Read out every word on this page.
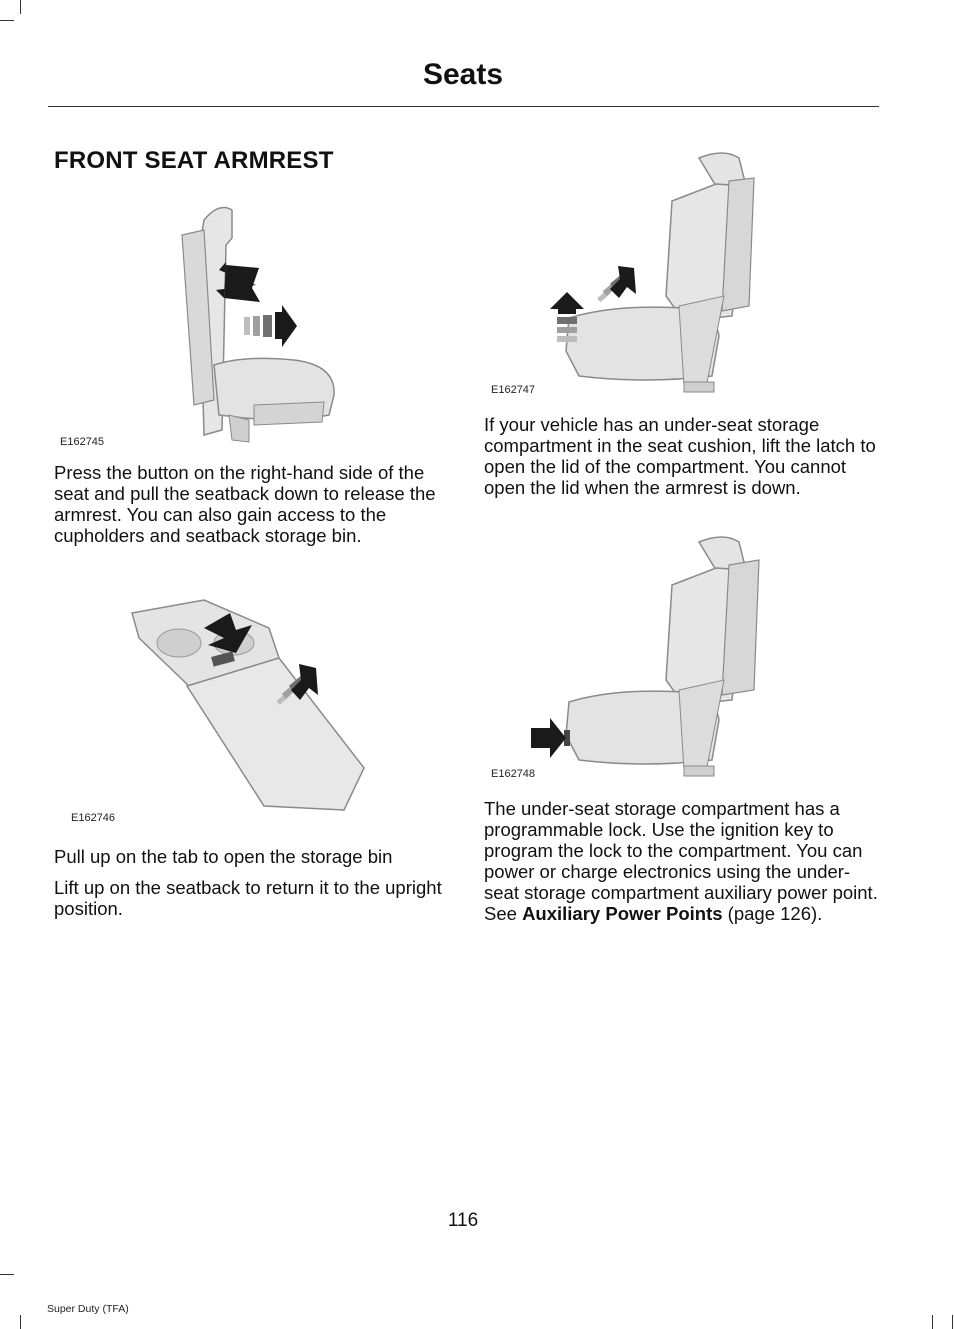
Seats
FRONT SEAT ARMREST
E162745

Press the button on the right-hand side of the seat and pull the seatback down to release the armrest. You can also gain access to the cupholders and seatback storage bin.

E162746

Pull up on the tab to open the storage bin

Lift up on the seatback to return it to the upright position.

E162747

If your vehicle has an under-seat storage compartment in the seat cushion, lift the latch to open the lid of the compartment. You cannot open the lid when the armrest is down.

E162748

The under-seat storage compartment has a programmable lock. Use the ignition key to program the lock to the compartment. You can power or charge electronics using the under-seat storage compartment auxiliary power point. See Auxiliary Power Points (page 126).

116
Super Duty (TFA)
